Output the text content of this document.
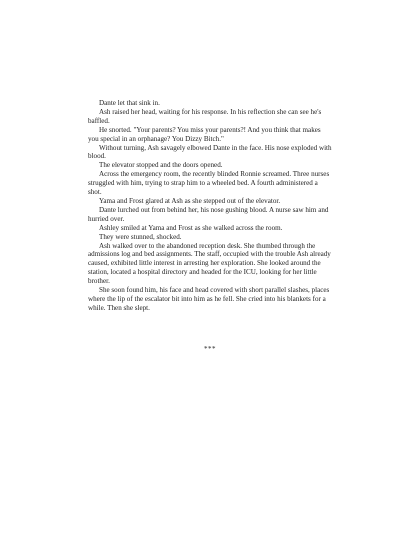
Dante let that sink in.

Ash raised her head, waiting for his response. In his reflection she can see he's baffled.

He snorted. "Your parents? You miss your parents?! And you think that makes you special in an orphanage? You Dizzy Bitch."

Without turning, Ash savagely elbowed Dante in the face. His nose exploded with blood.

The elevator stopped and the doors opened.

Across the emergency room, the recently blinded Ronnie screamed. Three nurses struggled with him, trying to strap him to a wheeled bed. A fourth administered a shot.

Yama and Frost glared at Ash as she stepped out of the elevator.

Dante lurched out from behind her, his nose gushing blood. A nurse saw him and hurried over.

Ashley smiled at Yama and Frost as she walked across the room.

They were stunned, shocked.

Ash walked over to the abandoned reception desk. She thumbed through the admissions log and bed assignments. The staff, occupied with the trouble Ash already caused, exhibited little interest in arresting her exploration. She looked around the station, located a hospital directory and headed for the ICU, looking for her little brother.

She soon found him, his face and head covered with short parallel slashes, places where the lip of the escalator bit into him as he fell. She cried into his blankets for a while. Then she slept.

***
